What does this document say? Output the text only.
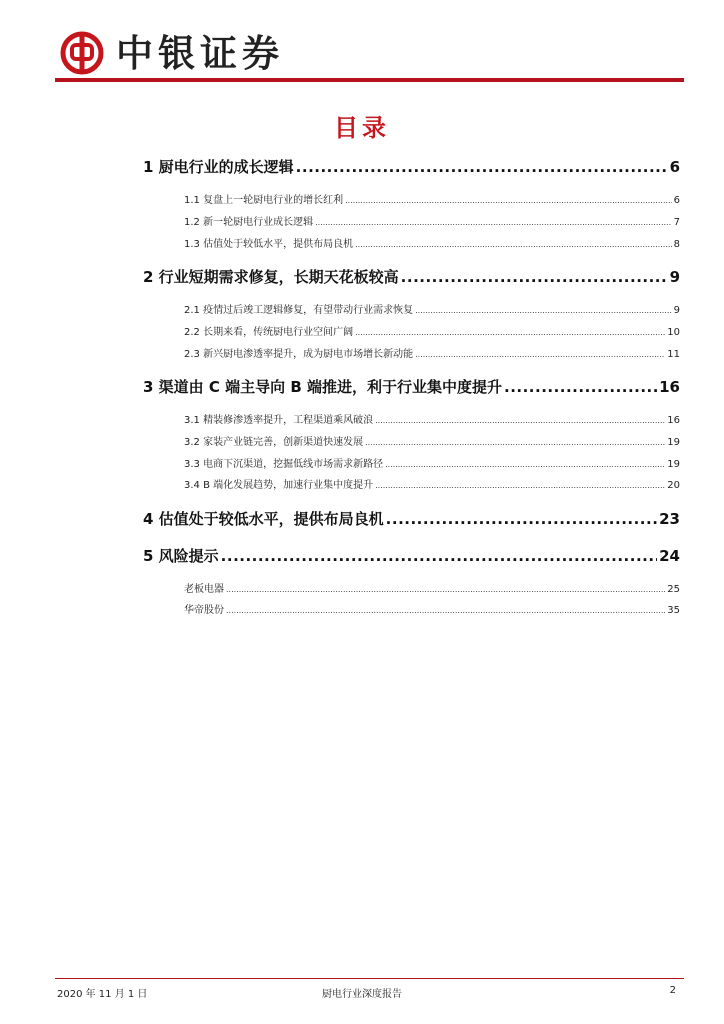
中银证券
目录
1 厨电行业的成长逻辑 .....	6
1.1 复盘上一轮厨电行业的增长红利 .....	6
1.2 新一轮厨电行业成长逻辑 .....	7
1.3 估值处于较低水平，提供布局良机 .....	8
2 行业短期需求修复，长期天花板较高 .....	9
2.1 疫情过后竣工逻辑修复，有望带动行业需求恢复 .....	9
2.2 长期来看，传统厨电行业空间广阔 .....	10
2.3 新兴厨电渗透率提升，成为厨电市场增长新动能 .....	11
3 渠道由 C 端主导向 B 端推进，利于行业集中度提升 .....	16
3.1 精装修渗透率提升，工程渠道乘风破浪 .....	16
3.2 家装产业链完善，创新渠道快速发展 .....	19
3.3 电商下沉渠道，挖掘低线市场需求新路径 .....	19
3.4 B 端化发展趋势，加速行业集中度提升 .....	20
4 估值处于较低水平，提供布局良机 .....	23
5 风险提示 .....	24
老板电器 .....	25
华帝股份 .....	35
2020 年 11 月 1 日	厨电行业深度报告	2
